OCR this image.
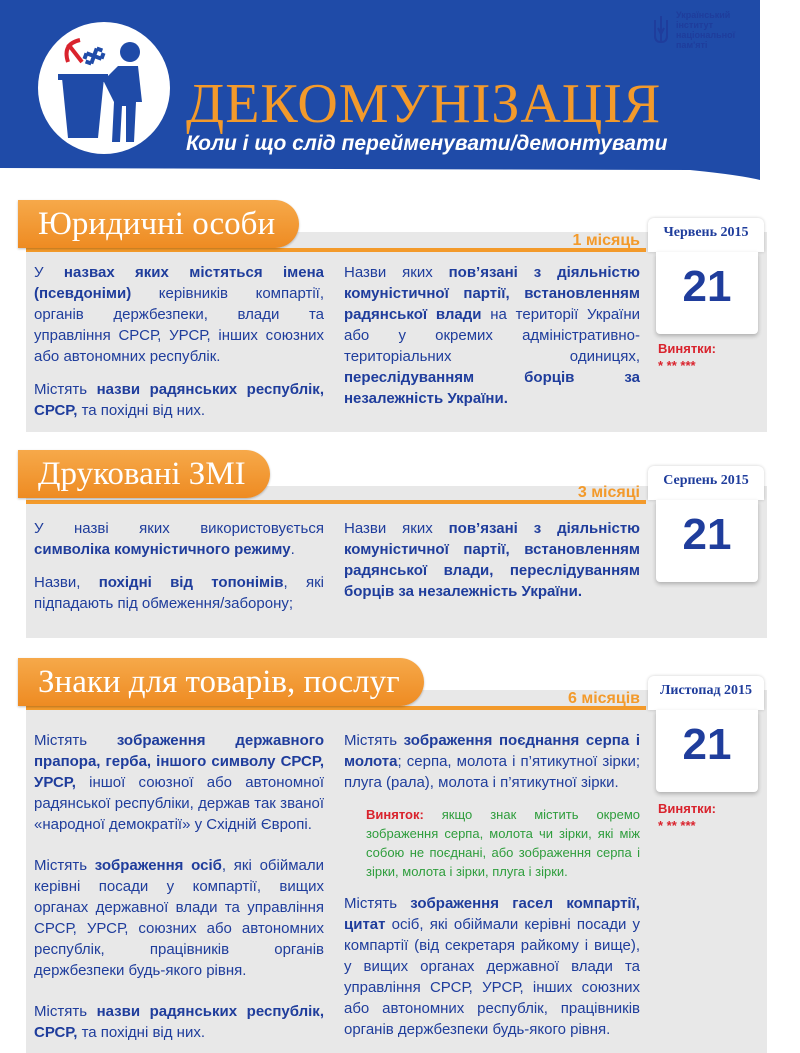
ДЕКОМУНІЗАЦІЯ
Коли і що слід перейменувати/демонтувати
Український
інститут
національної
пам'яті
Юридичні особи	1 місяць

У назвах яких містяться імена (псевдоніми) керівників компартії, органів держбезпеки, влади та управління СРСР, УРСР, інших союзних або автономних республік.

Містять назви радянських республік, СРСР, та похідні від них.

Назви яких пов’язані з діяльністю комуністичної партії, встановленням радянської влади на території України або у окремих адміністративно-територіальних одиницях, переслідуванням борців за незалежність України.

Червень 2015
21
Винятки:
* ** ***
Друковані ЗМІ
3 місяці

У назві яких використовується символіка комуністичного режиму.

Назви, похідні від топонімів, які підпадають під обмеження/заборону;

Назви яких пов’язані з діяльністю комуністичної партії, встановленням радянської влади, переслідуванням борців за незалежність України.

Серпень 2015
21
Знаки для товарів, послуг	6 місяців

Містять зображення державного прапора, герба, іншого символу СРСР, УРСР, іншої союзної або автономної радянської республіки, держав так званої «народної демократії» у Східній Європі.

Містять зображення осіб, які обіймали керівні посади у компартії, вищих органах державної влади та управління СРСР, УРСР, союзних або автономних республік, працівників органів держбезпеки будь-якого рівня.

Містять назви радянських республік, СРСР, та похідні від них.

Містять зображення поєднання серпа і молота; серпа, молота і п’ятикутної зірки; плуга (рала), молота і п’ятикутної зірки.

Виняток: якщо знак містить окремо зображення серпа, молота чи зірки, які між собою не поєднані, або зображення серпа і зірки, молота і зірки, плуга і зірки.

Містять зображення гасел компартії, цитат осіб, які обіймали керівні посади у компартії (від секретаря райкому і вище), у вищих органах державної влади та управління СРСР, УРСР, інших союзних або автономних республік, працівників органів держбезпеки будь-якого рівня.

Листопад 2015
21
Винятки:
* ** ***
